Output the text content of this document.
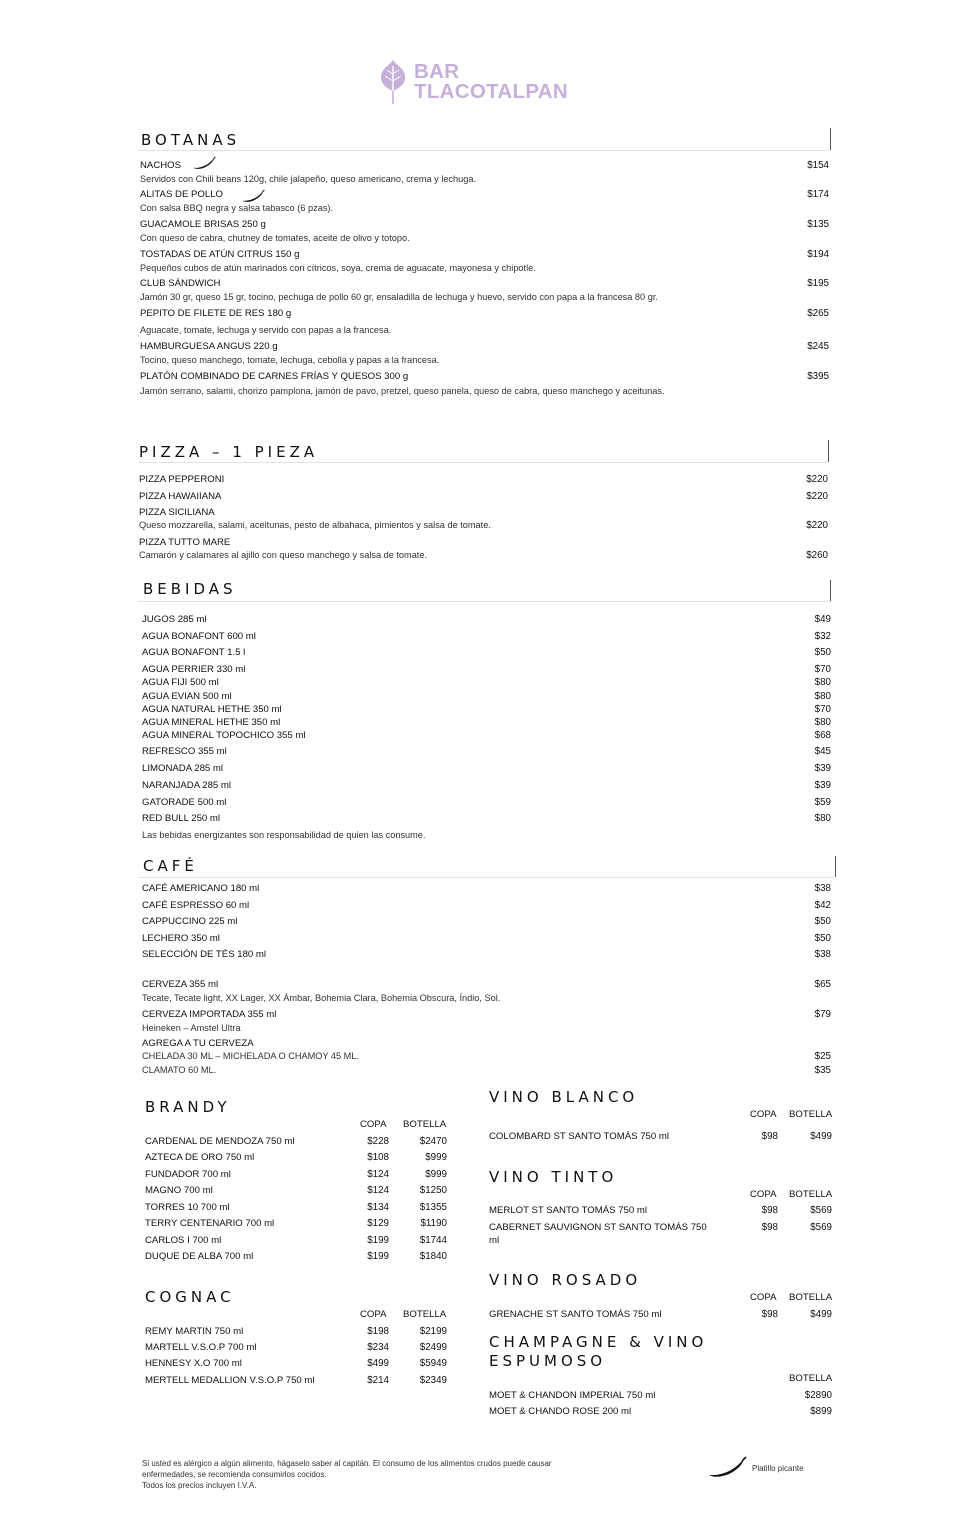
BAR
TLACOTALPAN
BOTANAS
NACHOS
Servidos con Chili beans 120g, chile jalapeño, queso americano, crema y lechuga.
$154
ALITAS DE POLLO
Con salsa BBQ negra y salsa tabasco (6 pzas).
$174
GUACAMOLE BRISAS 250 g
Con queso de cabra, chutney de tomates, aceite de olivo y totopo.
$135
TOSTADAS DE ATÚN CITRUS 150 g
Pequeños cubos de atún marinados con cítricos, soya, crema de aguacate, mayonesa y chipotle.
$194
CLUB SÁNDWICH
Jamón 30 gr, queso 15 gr, tocino, pechuga de pollo 60 gr, ensaladilla de lechuga y huevo, servido con papa a la francesa 80 gr.
$195
PEPITO DE FILETE DE RES 180 g
Aguacate, tomate, lechuga y servido con papas a la francesa.
$265
HAMBURGUESA ANGUS 220 g
Tocino, queso manchego, tomate, lechuga, cebolla y papas a la francesa.
$245
PLATÓN COMBINADO DE CARNES FRÍAS Y QUESOS 300 g
Jamón serrano, salami, chorizo pamplona, jamón de pavo, pretzel, queso panela, queso de cabra, queso manchego y aceitunas.
$395
PIZZA – 1 PIEZA
PIZZA PEPPERONI	$220
PIZZA HAWAIIANA	$220
PIZZA SICILIANA
Queso mozzarella, salami, aceitunas, pesto de albahaca, pimientos y salsa de tomate.	$220
PIZZA TUTTO MARE
Camarón y calamares al ajillo con queso manchego y salsa de tomate.	$260
BEBIDAS
JUGOS 285 ml	$49
AGUA BONAFONT 600 ml	$32
AGUA BONAFONT 1.5 l	$50
AGUA PERRIER 330 ml	$70
AGUA FIJI 500 ml	$80
AGUA EVIAN 500 ml	$80
AGUA NATURAL HETHE 350 ml	$70
AGUA MINERAL HETHE 350 ml	$80
AGUA MINERAL TOPOCHICO 355 ml	$68
REFRESCO 355 ml	$45
LIMONADA 285 ml	$39
NARANJADA 285 ml	$39
GATORADE 500 ml	$59
RED BULL 250 ml	$80
Las bebidas energizantes son responsabilidad de quien las consume.
CAFÉ
CAFÉ AMERICANO 180 ml	$38
CAFÉ ESPRESSO 60 ml	$42
CAPPUCCINO 225 ml	$50
LECHERO 350 ml	$50
SELECCIÓN DE TÉS 180 ml	$38
CERVEZA 355 ml
Tecate, Tecate light, XX Lager, XX Ámbar, Bohemia Clara, Bohemia Obscura, Índio, Sol.
$65
CERVEZA IMPORTADA 355 ml
Heineken – Amstel Ultra
$79
AGREGA A TU CERVEZA
CHELADA 30 ML – MICHELADA O CHAMOY 45 ML.	$25
CLAMATO 60 ML.	$35
BRANDY
COPA BOTELLA
CARDENAL DE MENDOZA 750 ml	$228	$2470
AZTECA DE ORO 750 ml	$108	$999
FUNDADOR 700 ml	$124	$999
MAGNO 700 ml	$124	$1250
TORRES 10 700 ml	$134	$1355
TERRY CENTENARIO 700 ml	$129	$1190
CARLOS I 700 ml	$199	$1744
DUQUE DE ALBA 700 ml	$199	$1840
COGNAC
COPA BOTELLA
REMY MARTIN 750 ml	$198	$2199
MARTELL V.S.O.P 700 ml	$234	$2499
HENNESY X.O 700 ml	$499	$5949
MERTELL MEDALLION V.S.O.P 750 ml	$214	$2349
VINO BLANCO
COPA BOTELLA
COLOMBARD ST SANTO TOMÁS 750 ml	$98	$499
VINO TINTO
COPA BOTELLA
MERLOT ST SANTO TOMÁS 750 ml	$98	$569
CABERNET SAUVIGNON ST SANTO TOMÁS 750
ml
$98	$569
VINO ROSADO
COPA BOTELLA
GRENACHE ST SANTO TOMÁS 750 ml	$98	$499
CHAMPAGNE & VINO
ESPUMOSO
BOTELLA
MOET & CHANDON IMPERIAL 750 ml	$2890
MOET & CHANDO ROSE 200 ml	$899
Si usted es alérgico a algún alimento, hágaselo saber al capitán. El consumo de los alimentos crudos puede causar
enfermedades, se recomienda consumirlos cocidos.
Todos los precios incluyen I.V.A.
Platillo picante
